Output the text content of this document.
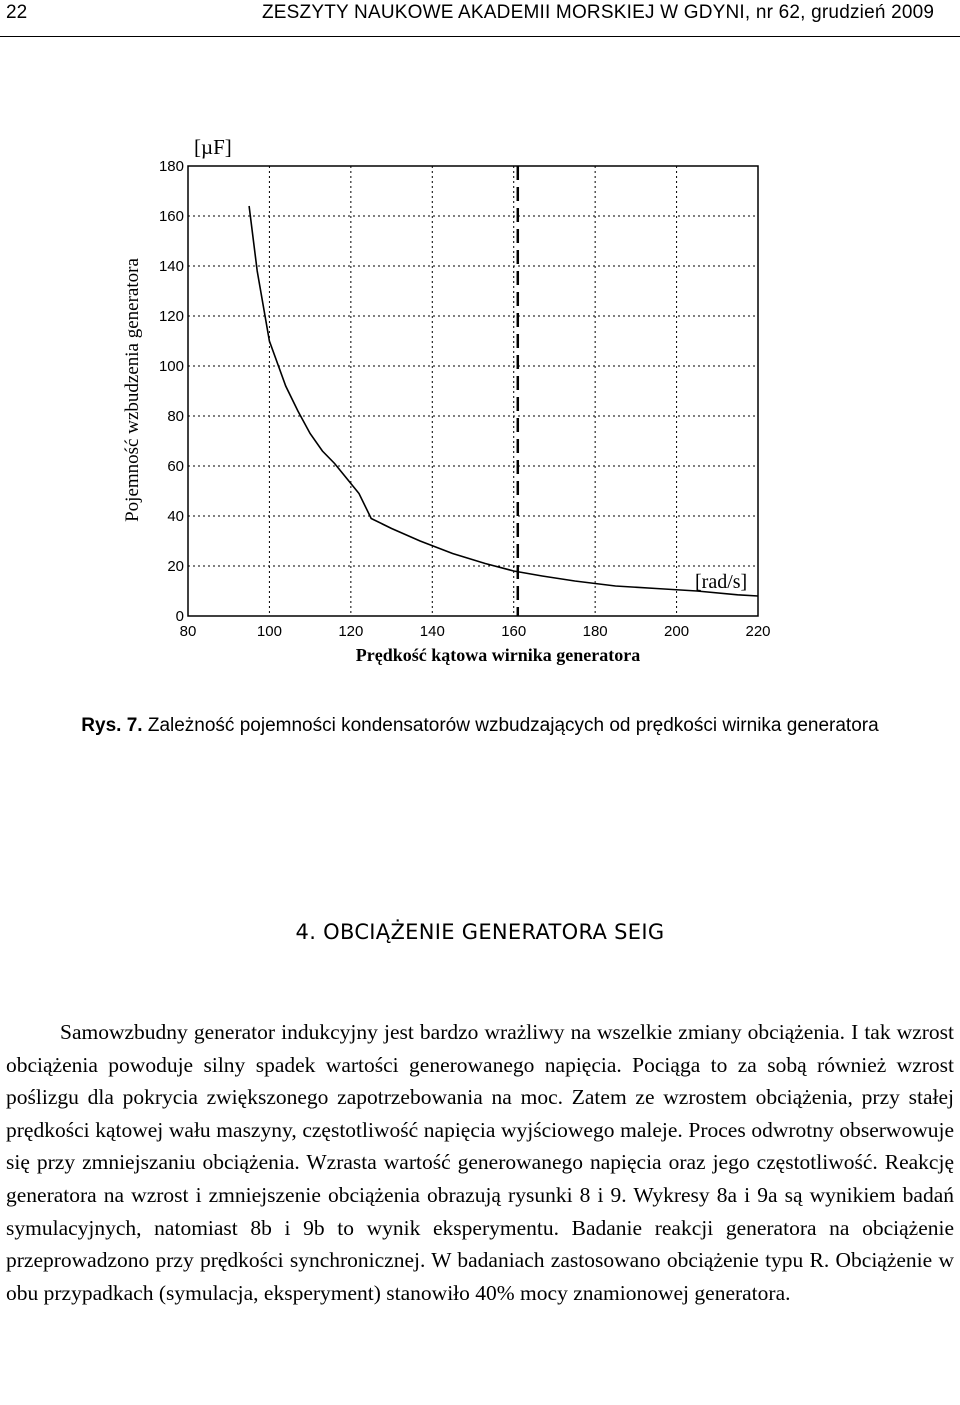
22	ZESZYTY NAUKOWE AKADEMII MORSKIEJ W GDYNI, nr 62, grudzień 2009
80	100	120	140	160	180	200	220
0
20
40
60
80
100
120
140
160
180
[µF]
[rad/s]
Pojemność wzbudzenia generatora
Prędkość kątowa wirnika generatora
Rys. 7. Zależność pojemności kondensatorów wzbudzających od prędkości wirnika generatora
4. OBCIĄŻENIE GENERATORA SEIG

Samowzbudny generator indukcyjny jest bardzo wrażliwy na wszelkie zmiany obciążenia. I tak wzrost obciążenia powoduje silny spadek wartości generowanego napięcia. Pociąga to za sobą również wzrost poślizgu dla pokrycia zwiększonego zapotrzebowania na moc. Zatem ze wzrostem obciążenia, przy stałej prędkości kątowej wału maszyny, częstotliwość napięcia wyjściowego maleje. Proces odwrotny obserwowuje się przy zmniejszaniu obciążenia. Wzrasta wartość generowanego napięcia oraz jego częstotliwość. Reakcję generatora na wzrost i zmniejszenie obciążenia obrazują rysunki 8 i 9. Wykresy 8a i 9a są wynikiem badań symulacyjnych, natomiast 8b i 9b to wynik eksperymentu. Badanie reakcji generatora na obciążenie przeprowadzono przy prędkości synchronicznej. W badaniach zastosowano obciążenie typu R. Obciążenie w obu przypadkach (symulacja, eksperyment) stanowiło 40% mocy znamionowej generatora.
